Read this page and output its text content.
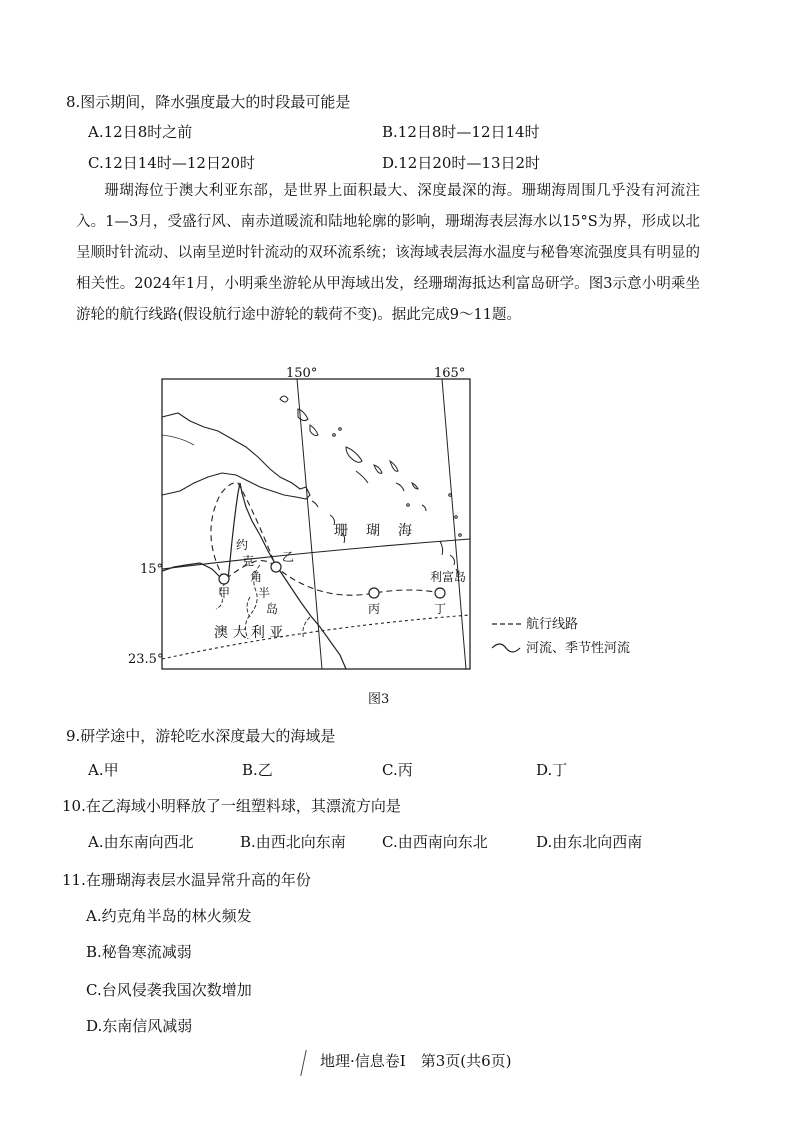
8.图示期间，降水强度最大的时段最可能是
A.12日8时之前	B.12日8时—12日14时
C.12日14时—12日20时	D.12日20时—13日2时
珊瑚海位于澳大利亚东部，是世界上面积最大、深度最深的海。珊瑚海周围几乎没有河流注入。1—3月，受盛行风、南赤道暖流和陆地轮廓的影响，珊瑚海表层海水以15°S为界，形成以北呈顺时针流动、以南呈逆时针流动的双环流系统；该海域表层海水温度与秘鲁寒流强度具有明显的相关性。2024年1月，小明乘坐游轮从甲海域出发，经珊瑚海抵达利富岛研学。图3示意小明乘坐游轮的航行线路(假设航行途中游轮的载荷不变)。据此完成9～11题。
150°	165°
珊 瑚 海
约
克
角
半
岛
澳 大 利 亚
利富岛
甲
乙
丙	丁
15°
23.5°
航行线路
河流、季节性河流
图3
9.研学途中，游轮吃水深度最大的海域是
A.甲	B.乙	C.丙	D.丁
10.在乙海域小明释放了一组塑料球，其漂流方向是
A.由东南向西北	B.由西北向东南 C.由西南向东北	D.由东北向西南
11.在珊瑚海表层水温异常升高的年份
A.约克角半岛的林火频发
B.秘鲁寒流减弱
C.台风侵袭我国次数增加
D.东南信风减弱
地理·信息卷Ⅰ　第3页(共6页)
